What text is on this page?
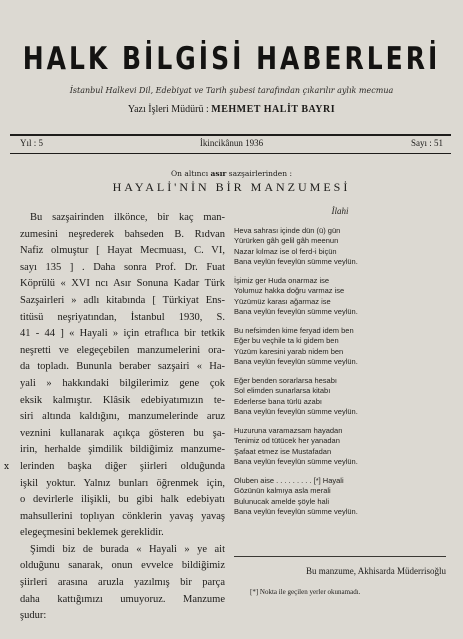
HALK BİLGİSİ HABERLERİ
İstanbul Halkevi Dil, Edebiyat ve Tarih şubesi tarafından çıkarılır aylık mecmua
Yazı İşleri Müdürü : MEHMET HALİT BAYRI
Yıl : 5	İkincikânun 1936	Sayı : 51
On altıncı asır sazşairlerinden :
HAYALİ'NİN BİR MANZUMESİ
Bu sazşairinden ilkönce, bir kaç man-
zumesini neşrederek bahseden B. Rıdvan
Nafiz olmuştur [ Hayat Mecmuası, C. VI,
sayı 135 ] . Daha sonra Prof. Dr. Fuat
Köprülü « XVI ncı Asır Sonuna Kadar Türk
Sazşairleri » adlı kitabında [ Türkiyat Ens-
titüsü neşriyatından, İstanbul 1930, S.
41 - 44 ] « Hayali » için etraflıca bir tetkik
neşretti ve elegeçebilen manzumelerini ora-
da topladı. Bununla beraber sazşairi « Ha-
yali » hakkındaki bilgilerimiz gene çok
eksik kalmıştır. Klâsik edebiyatımızın te-
siri altında kaldığını, manzumelerinde aruz
veznini kullanarak açıkça gösteren bu şa-
irin, herhalde şimdilik bildiğimiz manzume-
lerinden başka diğer şiirleri olduğunda
işkil yoktur. Yalnız bunları öğrenmek için,
o devirlerle ilişikli, bu gibi halk edebiyatı
mahsullerini toplıyan cönklerin yavaş yavaş
elegeçmesini beklemek gereklidir.
Şimdi biz de burada « Hayali » ye ait
olduğunu sanarak, onun evvelce bildiğimiz
şiirleri arasına aruzla yazılmış bir parça
daha kattığımızı umuyoruz. Manzume
şudur:
İlahi
Heva sahrası içinde dün (ü) gün
Yürürken gâh gelil gâh meenun
Nazar kılmaz ise ol ferd-i biçün
Bana veylün feveylün sümme veylün.
İşimiz ger Huda onarmaz ise
Yolumuz hakka doğru varmaz ise
Yüzümüz karası ağarmaz ise
Bana veylün feveylün sümme veylün.
Bu nefsimden kime feryad idem ben
Eğer bu veçhile ta ki gidem ben
Yüzüm karesini yarab nidem ben
Bana veylün feveylün sümme veylün.
Eğer benden sorarlarsa hesabı
Sol elimden sunarlarsa kitabı
Ederlerse bana türlü azabı
Bana veylün feveylün sümme veylün.
Huzuruna varamazsam hayadan
Tenimiz od tütücek her yanadan
Şafaat etmez ise Mustafadan
Bana veylün feveylün sümme veylün.
Oluben aise . . . . . . . . . [*] Hayali
Gözünün kalmıya asla merali
Bulunucak amelde şöyle hali
Bana veylün feveylün sümme veylün.
Bu manzume, Akhisarda Müderrisoğlu
[*] Nokta ile geçilen yerler okunamadı.
x
